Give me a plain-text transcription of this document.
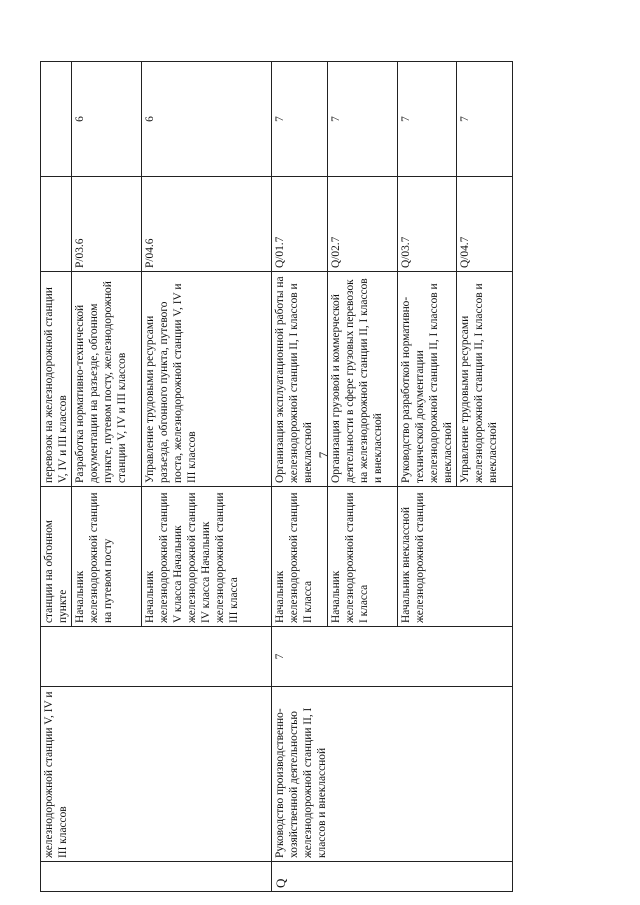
7
	железнодорожной станции V, IV и III классов		станции на обгонном пункте	перевозок на железнодорожной станции V, IV и III классов		
			Начальник железнодорожной станции на путевом посту	Разработка нормативно-технической документации на разъезде, обгонном пункте, путевом посту, железнодорожной станции V, IV и III классов	P/03.6	6
			Начальник железнодорожной станции V класса Начальник железнодорожной станции IV класса Начальник железнодорожной станции III класса	Управление трудовыми ресурсами разъезда, обгонного пункта, путевого поста, железнодорожной станции V, IV и III классов	P/04.6	6
Q	Руководство производственно-хозяйственной деятельностью железнодорожной станции II, I классов и внеклассной	7	Начальник железнодорожной станции II класса	Организация эксплуатационной работы на железнодорожной станции II, I классов и внеклассной	Q/01.7	7
			Начальник железнодорожной станции I класса	Организация грузовой и коммерческой деятельности в сфере грузовых перевозок на железнодорожной станции II, I классов и внеклассной	Q/02.7	7
			Начальник внеклассной железнодорожной станции	Руководство разработкой нормативно-технической документации железнодорожной станции II, I классов и внеклассной	Q/03.7	7
				Управление трудовыми ресурсами железнодорожной станции II, I классов и внеклассной	Q/04.7	7
